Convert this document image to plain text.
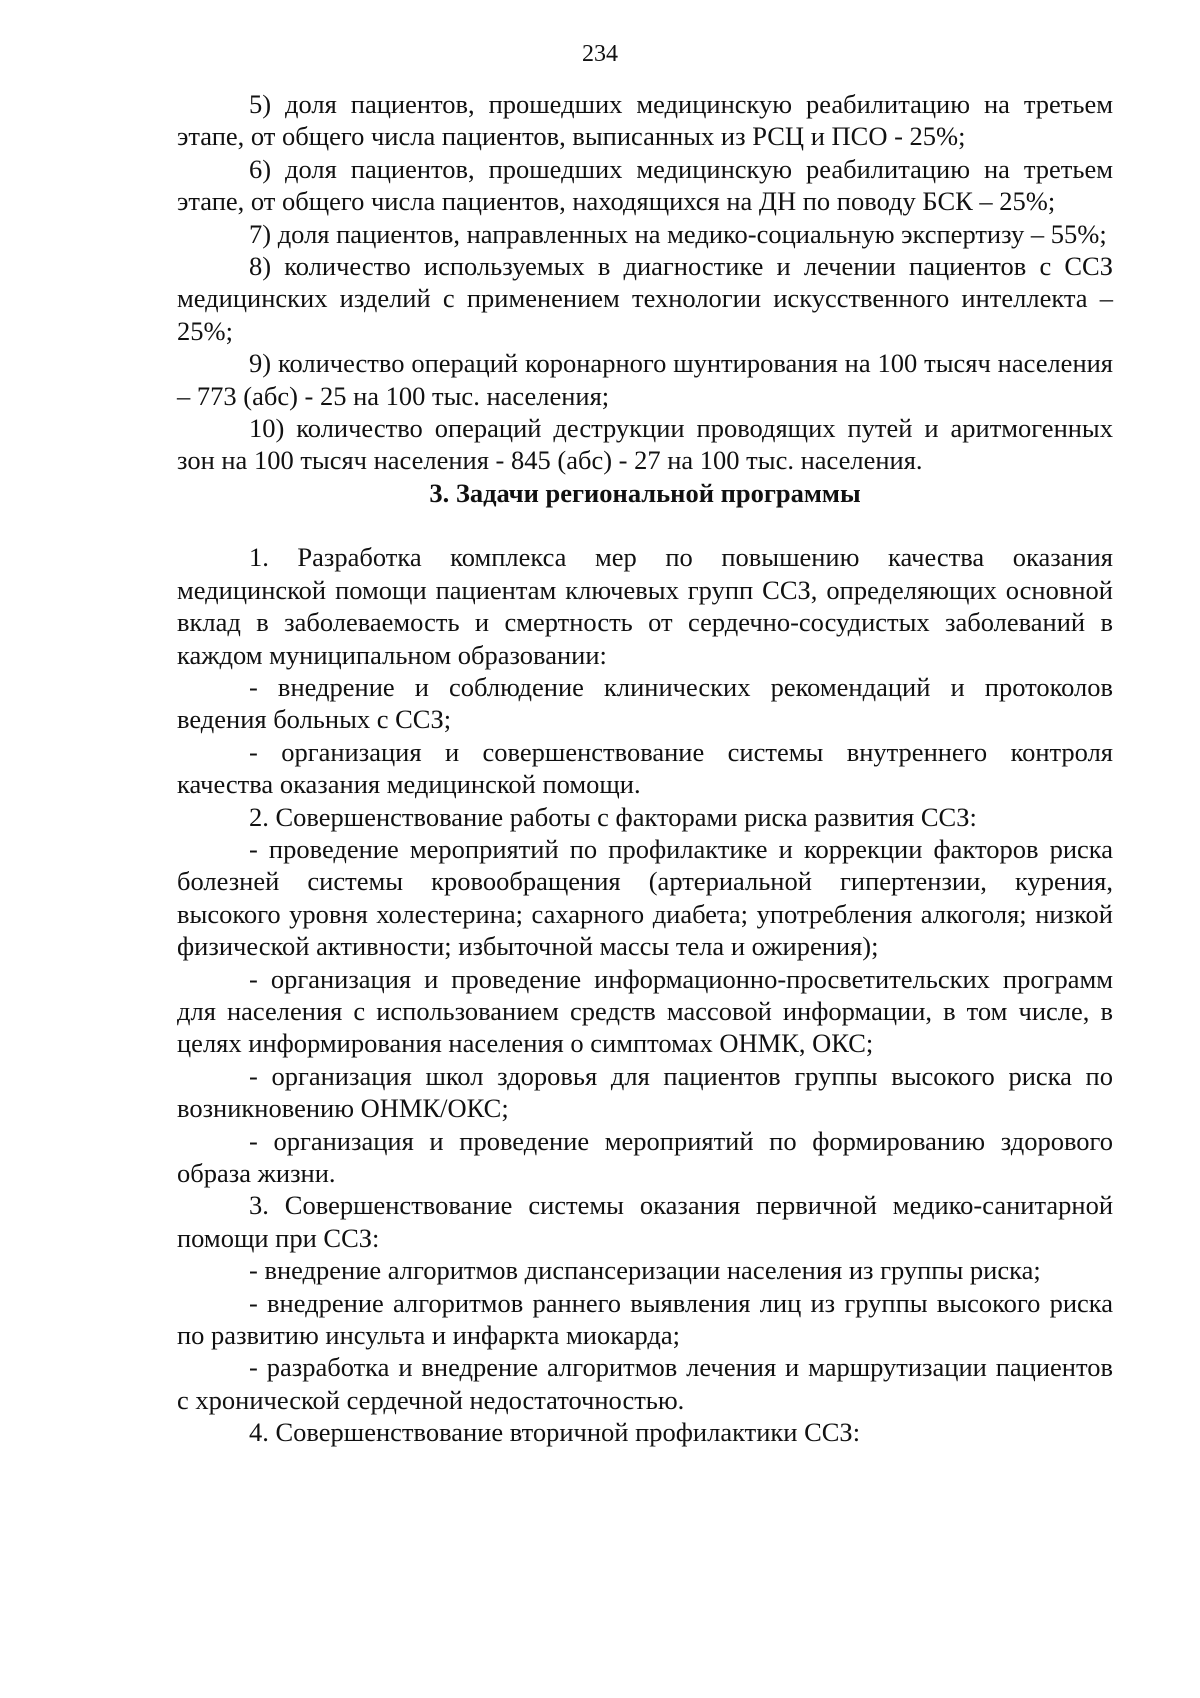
234

5) доля пациентов, прошедших медицинскую реабилитацию на третьем этапе, от общего числа пациентов, выписанных из РСЦ и ПСО - 25%;

6) доля пациентов, прошедших медицинскую реабилитацию на третьем этапе, от общего числа пациентов, находящихся на ДН по поводу БСК – 25%;

7) доля пациентов, направленных на медико-социальную экспертизу – 55%;

8) количество используемых в диагностике и лечении пациентов с ССЗ медицинских изделий с применением технологии искусственного интеллекта – 25%;

9) количество операций коронарного шунтирования на 100 тысяч населения – 773 (абс) - 25 на 100 тыс. населения;

10) количество операций деструкции проводящих путей и аритмогенных зон на 100 тысяч населения - 845 (абс) - 27 на 100 тыс. населения.

3. Задачи региональной программы

1. Разработка комплекса мер по повышению качества оказания медицинской помощи пациентам ключевых групп ССЗ, определяющих основной вклад в заболеваемость и смертность от сердечно-сосудистых заболеваний в каждом муниципальном образовании:

- внедрение и соблюдение клинических рекомендаций и протоколов ведения больных с ССЗ;

- организация и совершенствование системы внутреннего контроля качества оказания медицинской помощи.

2. Совершенствование работы с факторами риска развития ССЗ:

- проведение мероприятий по профилактике и коррекции факторов риска болезней системы кровообращения (артериальной гипертензии, курения, высокого уровня холестерина; сахарного диабета; употребления алкоголя; низкой физической активности; избыточной массы тела и ожирения);

- организация и проведение информационно-просветительских программ для населения с использованием средств массовой информации, в том числе, в целях информирования населения о симптомах ОНМК, ОКС;

- организация школ здоровья для пациентов группы высокого риска по возникновению ОНМК/ОКС;

- организация и проведение мероприятий по формированию здорового образа жизни.

3. Совершенствование системы оказания первичной медико-санитарной помощи при ССЗ:

- внедрение алгоритмов диспансеризации населения из группы риска;

- внедрение алгоритмов раннего выявления лиц из группы высокого риска по развитию инсульта и инфаркта миокарда;

- разработка и внедрение алгоритмов лечения и маршрутизации пациентов с хронической сердечной недостаточностью.

4. Совершенствование вторичной профилактики ССЗ:
